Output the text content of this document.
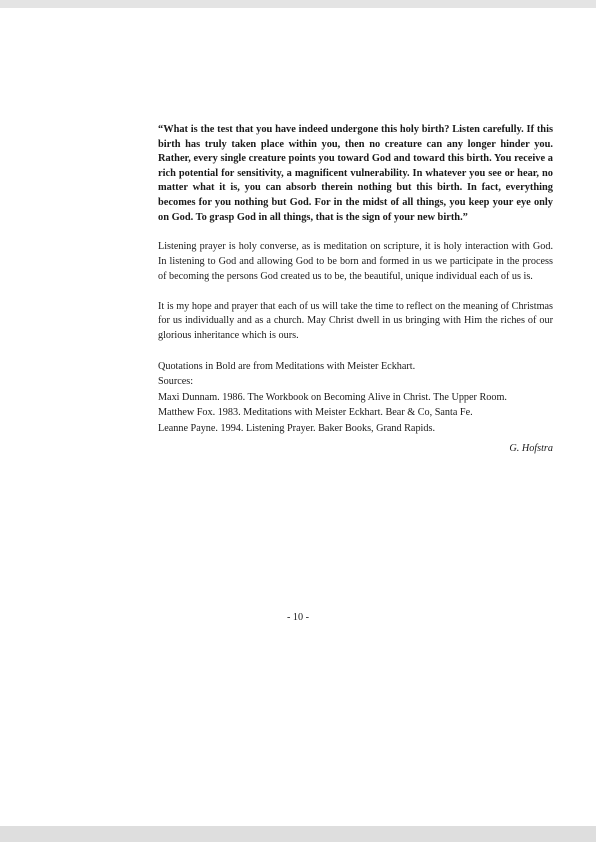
“What is the test that you have indeed undergone this holy birth? Listen carefully. If this birth has truly taken place within you, then no creature can any longer hinder you. Rather, every single creature points you toward God and toward this birth. You receive a rich potential for sensitivity, a magnificent vulnerability. In whatever you see or hear, no matter what it is, you can absorb therein nothing but this birth. In fact, everything becomes for you nothing but God. For in the midst of all things, you keep your eye only on God. To grasp God in all things, that is the sign of your new birth.”

Listening prayer is holy converse, as is meditation on scripture, it is holy interaction with God. In listening to God and allowing God to be born and formed in us we participate in the process of becoming the persons God created us to be, the beautiful, unique individual each of us is.

It is my hope and prayer that each of us will take the time to reflect on the meaning of Christmas for us individually and as a church. May Christ dwell in us bringing with Him the riches of our glorious inheritance which is ours.

Quotations in Bold are from Meditations with Meister Eckhart.
Sources:
Maxi Dunnam. 1986. The Workbook on Becoming Alive in Christ. The Upper Room.
Matthew Fox. 1983. Meditations with Meister Eckhart. Bear & Co, Santa Fe.
Leanne Payne. 1994. Listening Prayer. Baker Books, Grand Rapids.
G. Hofstra
- 10 -
